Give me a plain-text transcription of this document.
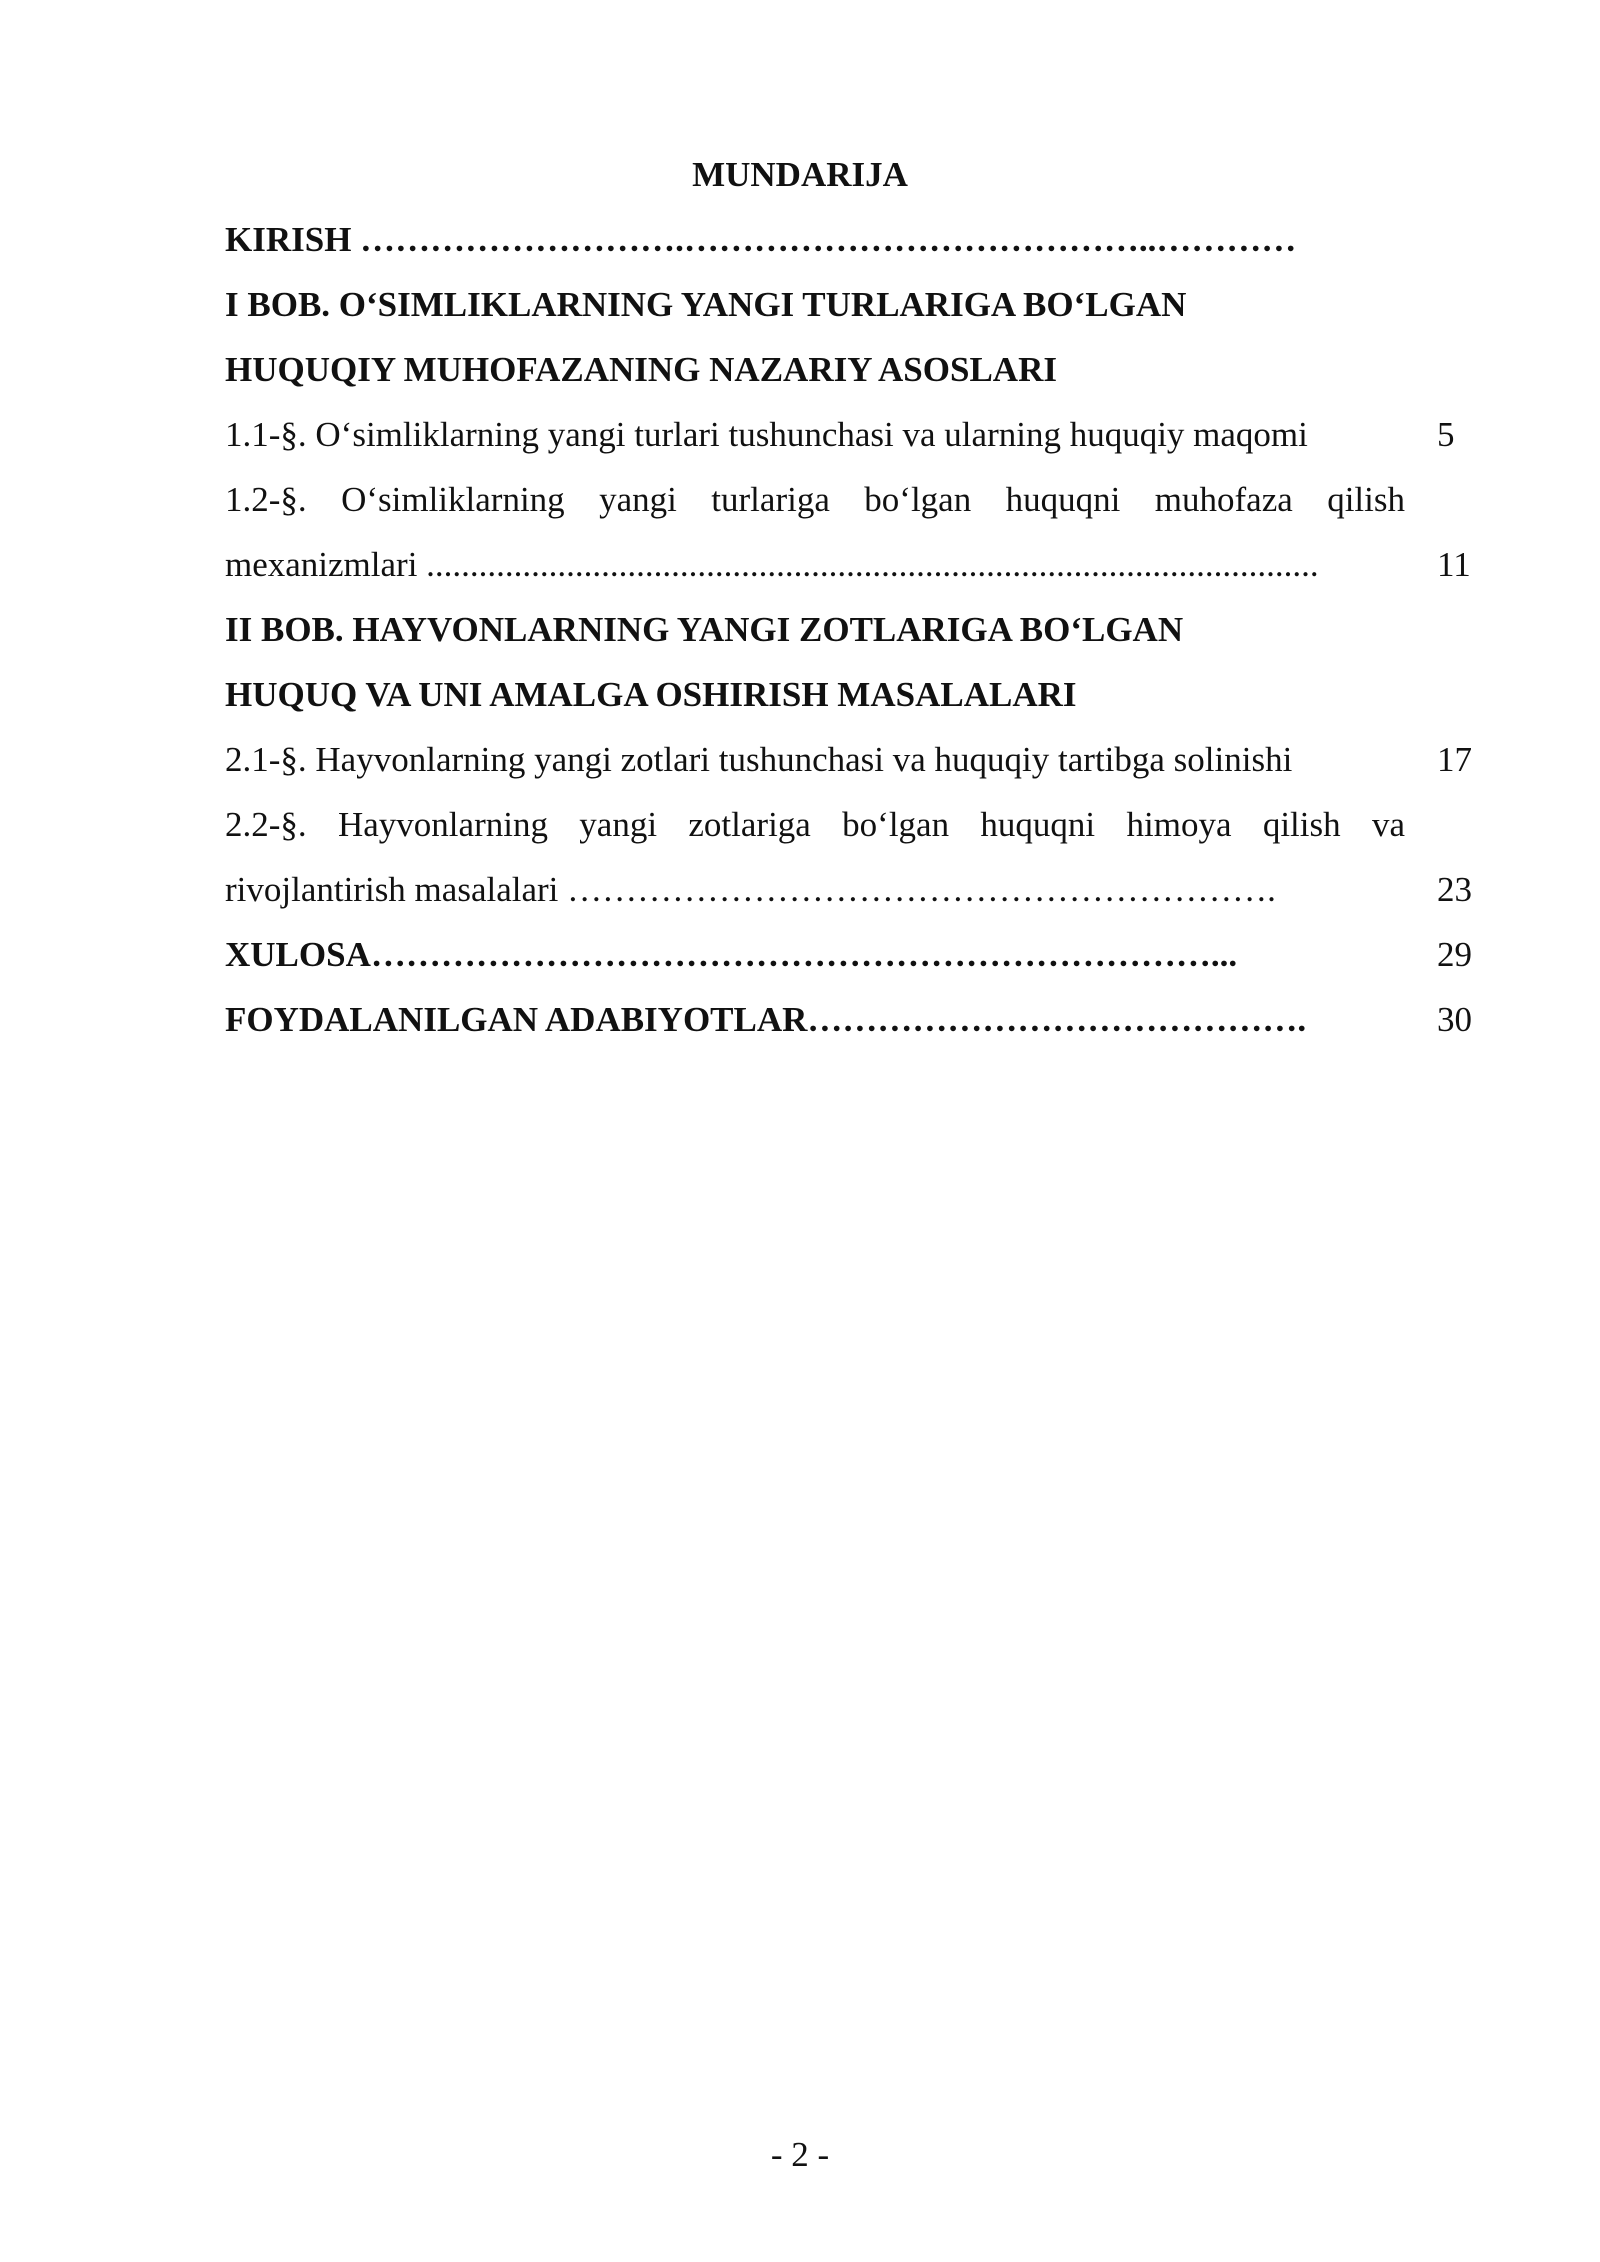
MUNDARIJA
KIRISH ……………………….…………………………………..…………
I BOB. O‘SIMLIKLARNING YANGI TURLARIGA BO‘LGAN
HUQUQIY MUHOFAZANING NAZARIY ASOSLARI
1.1-§. O‘simliklarning yangi turlari tushunchasi va ularning huquqiy maqomi	5
1.2-§. O‘simliklarning yangi turlariga bo‘lgan huquqni muhofaza qilish
mexanizmlari ......................................................................................................	11
II BOB. HAYVONLARNING YANGI ZOTLARIGA BO‘LGAN
HUQUQ VA UNI AMALGA OSHIRISH MASALALARI
2.1-§. Hayvonlarning yangi zotlari tushunchasi va huquqiy tartibga solinishi	17
2.2-§. Hayvonlarning yangi zotlariga bo‘lgan huquqni himoya qilish va
rivojlantirish masalalari …………………………………………………….	23
XULOSA………………………………………………………………...	29
FOYDALANILGAN ADABIYOTLAR…………………………………….	30
- 2 -
